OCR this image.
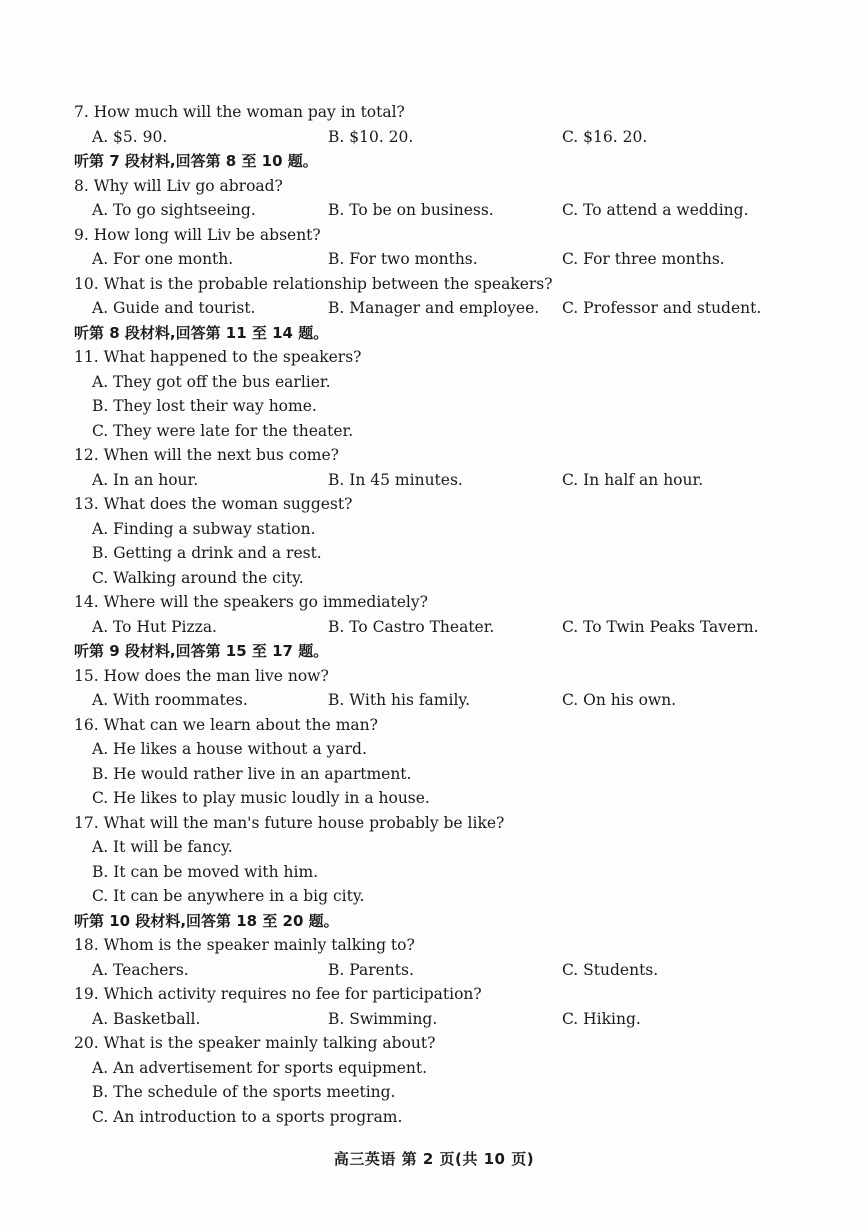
7. How much will the woman pay in total?
A. $5. 90.	B. $10. 20.	C. $16. 20.
听第 7 段材料,回答第 8 至 10 题。
8. Why will Liv go abroad?
A. To go sightseeing.	B. To be on business.	C. To attend a wedding.
9. How long will Liv be absent?
A. For one month.	B. For two months.	C. For three months.
10. What is the probable relationship between the speakers?
A. Guide and tourist.	B. Manager and employee.	C. Professor and student.
听第 8 段材料,回答第 11 至 14 题。
11. What happened to the speakers?
A. They got off the bus earlier.
B. They lost their way home.
C. They were late for the theater.
12. When will the next bus come?
A. In an hour.	B. In 45 minutes.	C. In half an hour.
13. What does the woman suggest?
A. Finding a subway station.
B. Getting a drink and a rest.
C. Walking around the city.
14. Where will the speakers go immediately?
A. To Hut Pizza.	B. To Castro Theater.	C. To Twin Peaks Tavern.
听第 9 段材料,回答第 15 至 17 题。
15. How does the man live now?
A. With roommates.	B. With his family.	C. On his own.
16. What can we learn about the man?
A. He likes a house without a yard.
B. He would rather live in an apartment.
C. He likes to play music loudly in a house.
17. What will the man's future house probably be like?
A. It will be fancy.
B. It can be moved with him.
C. It can be anywhere in a big city.
听第 10 段材料,回答第 18 至 20 题。
18. Whom is the speaker mainly talking to?
A. Teachers.	B. Parents.	C. Students.
19. Which activity requires no fee for participation?
A. Basketball.	B. Swimming.	C. Hiking.
20. What is the speaker mainly talking about?
A. An advertisement for sports equipment.
B. The schedule of the sports meeting.
C. An introduction to a sports program.
高三英语 第 2 页(共 10 页)
